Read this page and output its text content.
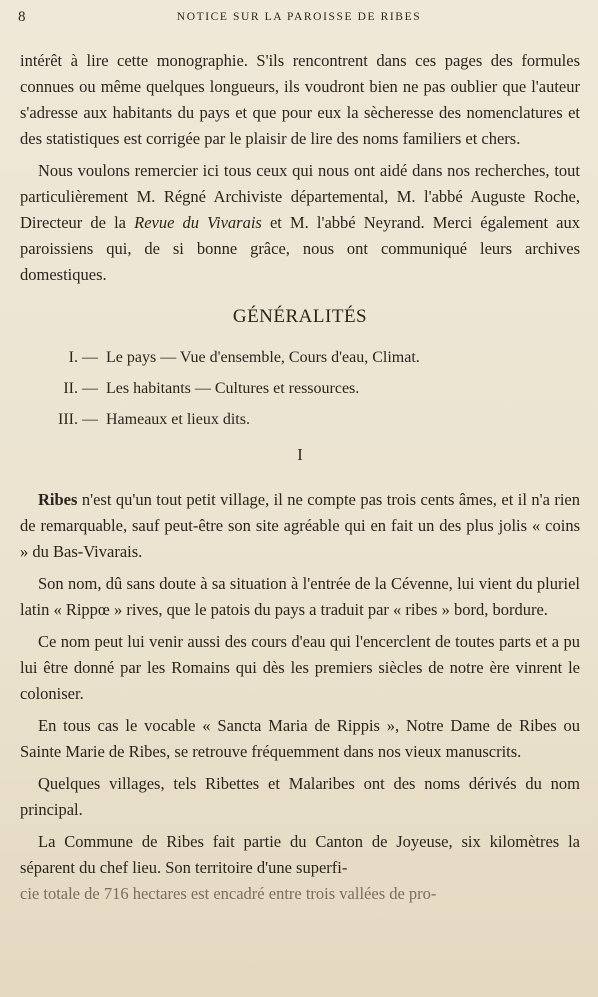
8	NOTICE SUR LA PAROISSE DE RIBES

intérêt à lire cette monographie. S'ils rencontrent dans ces pages des formules connues ou même quelques longueurs, ils voudront bien ne pas oublier que l'auteur s'adresse aux habitants du pays et que pour eux la sècheresse des nomenclatures et des statistiques est corrigée par le plaisir de lire des noms familiers et chers.

Nous voulons remercier ici tous ceux qui nous ont aidé dans nos recherches, tout particulièrement M. Régné Archiviste départemental, M. l'abbé Auguste Roche, Directeur de la Revue du Vivarais et M. l'abbé Neyrand. Merci également aux paroissiens qui, de si bonne grâce, nous ont communiqué leurs archives domestiques.

GÉNÉRALITÉS
I. — Le pays — Vue d'ensemble, Cours d'eau, Climat.
II. — Les habitants — Cultures et ressources.
III. — Hameaux et lieux dits.
I

Ribes n'est qu'un tout petit village, il ne compte pas trois cents âmes, et il n'a rien de remarquable, sauf peut-être son site agréable qui en fait un des plus jolis « coins » du Bas-Vivarais.

Son nom, dû sans doute à sa situation à l'entrée de la Cévenne, lui vient du pluriel latin « Rippœ » rives, que le patois du pays a traduit par « ribes » bord, bordure.

Ce nom peut lui venir aussi des cours d'eau qui l'encerclent de toutes parts et a pu lui être donné par les Romains qui dès les premiers siècles de notre ère vinrent le coloniser.

En tous cas le vocable « Sancta Maria de Rippis », Notre Dame de Ribes ou Sainte Marie de Ribes, se retrouve fréquemment dans nos vieux manuscrits.

Quelques villages, tels Ribettes et Malaribes ont des noms dérivés du nom principal.

La Commune de Ribes fait partie du Canton de Joyeuse, six kilomètres la séparent du chef lieu. Son territoire d'une superfi-

cie totale de 716 hectares est encadré entre trois vallées de pro-
